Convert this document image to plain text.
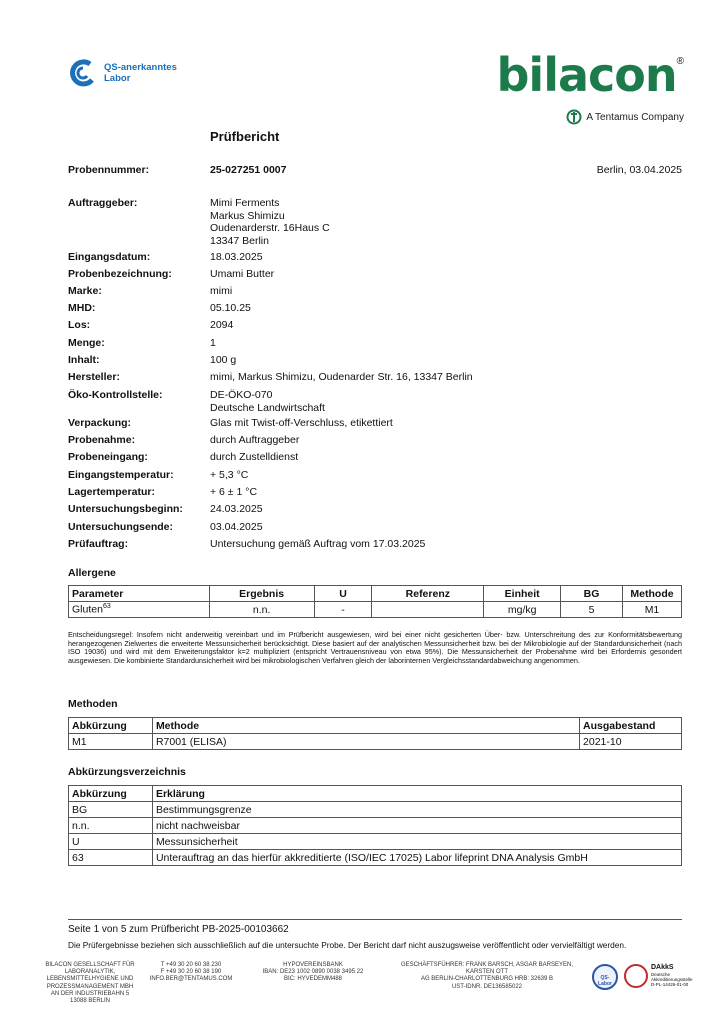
QS-anerkanntes
Labor	bilacon®
A Tentamus Company
Prüfbericht
Berlin, 03.04.2025
Probennummer:	25-027251 0007
Auftraggeber:	Mimi Ferments
Markus Shimizu
Oudenarderstr. 16Haus C
13347 Berlin
Eingangsdatum:	18.03.2025
Probenbezeichnung:	Umami Butter
Marke:	mimi
MHD:	05.10.25
Los:	2094
Menge:	1
Inhalt:	100 g
Hersteller:	mimi, Markus Shimizu, Oudenarder Str. 16, 13347 Berlin
Öko-Kontrollstelle:	DE-ÖKO-070
Deutsche Landwirtschaft
Verpackung:	Glas mit Twist-off-Verschluss, etikettiert
Probenahme:	durch Auftraggeber
Probeneingang:	durch Zustelldienst
Eingangstemperatur:	+ 5,3 °C
Lagertemperatur:	+ 6 ± 1 °C
Untersuchungsbeginn:	24.03.2025
Untersuchungsende:	03.04.2025
Prüfauftrag:	Untersuchung gemäß Auftrag vom 17.03.2025
Allergene
Parameter	Ergebnis	U	Referenz	Einheit	BG	Methode
Gluten$^{63}$	n.n.	-		mg/kg	5	M1
Entscheidungsregel: Insofern nicht anderweitig vereinbart und im Prüfbericht ausgewiesen, wird bei einer nicht gesicherten Über- bzw. Unterschreitung des zur Konformitätsbewertung herangezogenen Zielwertes die erweiterte Messunsicherheit berücksichtigt. Diese basiert auf der analytischen Messunsicherheit bzw. bei der Mikrobiologie auf der Standardunsicherheit (nach ISO 19036) und wird mit dem Erweiterungsfaktor k=2 multipliziert (entspricht Vertrauensniveau von etwa 95%). Die Messunsicherheit der Probenahme wird bei Erfordernis gesondert ausgewiesen. Die kombinierte Standardunsicherheit wird bei mikrobiologischen Verfahren gleich der laborinternen Vergleichsstandardabweichung angenommen.
Methoden
Abkürzung	Methode	Ausgabestand
M1	R7001 (ELISA)	2021-10
Abkürzungsverzeichnis
Abkürzung	Erklärung
BG	Bestimmungsgrenze
n.n.	nicht nachweisbar
U	Messunsicherheit
63	Unterauftrag an das hierfür akkreditierte (ISO/IEC 17025) Labor lifeprint DNA Analysis GmbH
Seite 1 von 5 zum Prüfbericht PB-2025-00103662
Die Prüfergebnisse beziehen sich ausschließlich auf die untersuchte Probe. Der Bericht darf nicht auszugsweise veröffentlicht oder vervielfältigt werden.
BILACON GESELLSCHAFT FÜR
LABORANALYTIK,
LEBENSMITTELHYGIENE UND
PROZESSMANAGEMENT MBH
AN DER INDUSTRIEBAHN 5
13088 BERLIN
T +49 30 20 60 38 230
F +49 30 20 60 38 190
INFO.BER@TENTAMUS.COM
HYPOVEREINSBANK
IBAN: DE23 1002 0890 0038 3495 22
BIC: HYVEDEMM488
GESCHÄFTSFÜHRER: FRANK BARSCH, ASGAR BARSEYEN,
KARSTEN OTT
AG BERLIN-CHARLOTTENBURG HRB: 32639 B
UST-IDNR. DE136585022
QS-Labor
DAkkS
Deutsche
Akkreditierungsstelle
D-PL-14426-01-00
